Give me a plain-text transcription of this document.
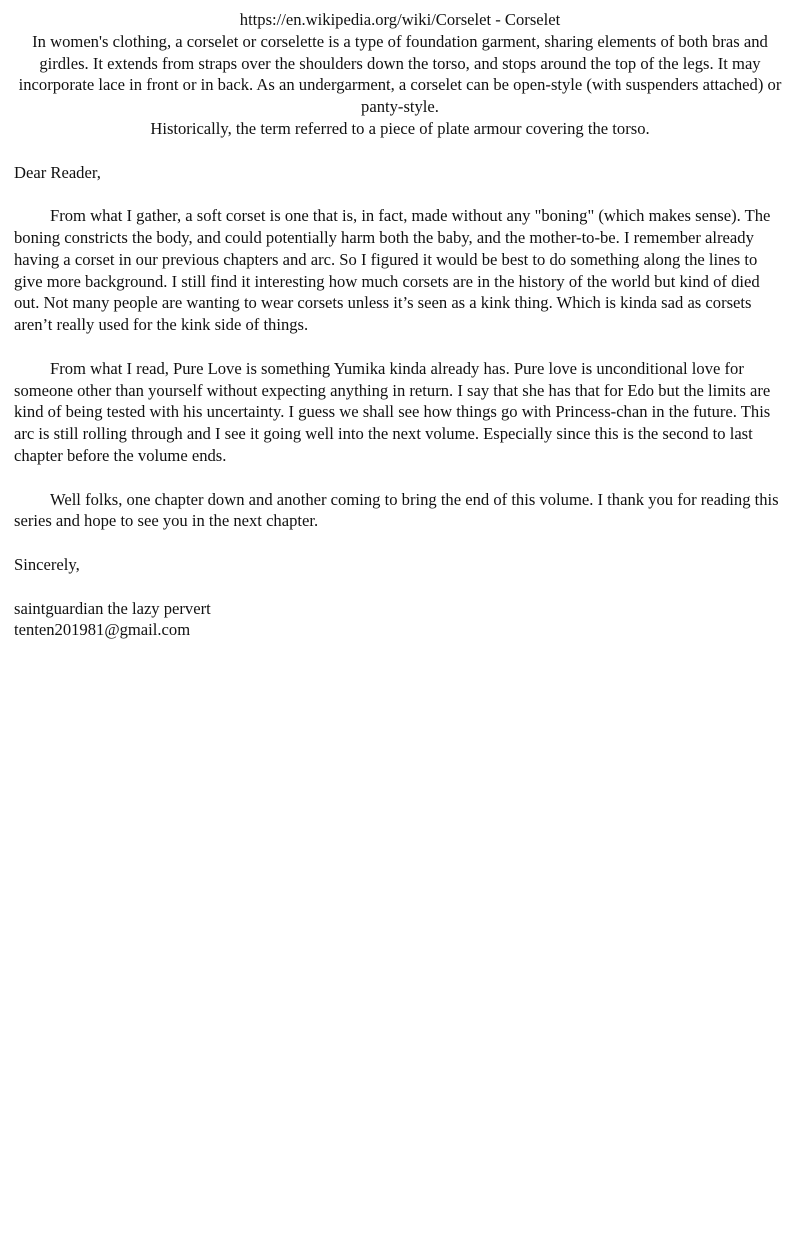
https://en.wikipedia.org/wiki/Corselet - Corselet

In women's clothing, a corselet or corselette is a type of foundation garment, sharing elements of both bras and girdles. It extends from straps over the shoulders down the torso, and stops around the top of the legs. It may incorporate lace in front or in back. As an undergarment, a corselet can be open-style (with suspenders attached) or panty-style.

Historically, the term referred to a piece of plate armour covering the torso.

Dear Reader,

From what I gather, a soft corset is one that is, in fact, made without any "boning" (which makes sense). The boning constricts the body, and could potentially harm both the baby, and the mother-to-be. I remember already having a corset in our previous chapters and arc. So I figured it would be best to do something along the lines to give more background. I still find it interesting how much corsets are in the history of the world but kind of died out. Not many people are wanting to wear corsets unless it’s seen as a kink thing. Which is kinda sad as corsets aren’t really used for the kink side of things.

From what I read, Pure Love is something Yumika kinda already has. Pure love is unconditional love for someone other than yourself without expecting anything in return. I say that she has that for Edo but the limits are kind of being tested with his uncertainty. I guess we shall see how things go with Princess-chan in the future. This arc is still rolling through and I see it going well into the next volume. Especially since this is the second to last chapter before the volume ends.

Well folks, one chapter down and another coming to bring the end of this volume. I thank you for reading this series and hope to see you in the next chapter.

Sincerely,

saintguardian the lazy pervert

tenten201981@gmail.com
